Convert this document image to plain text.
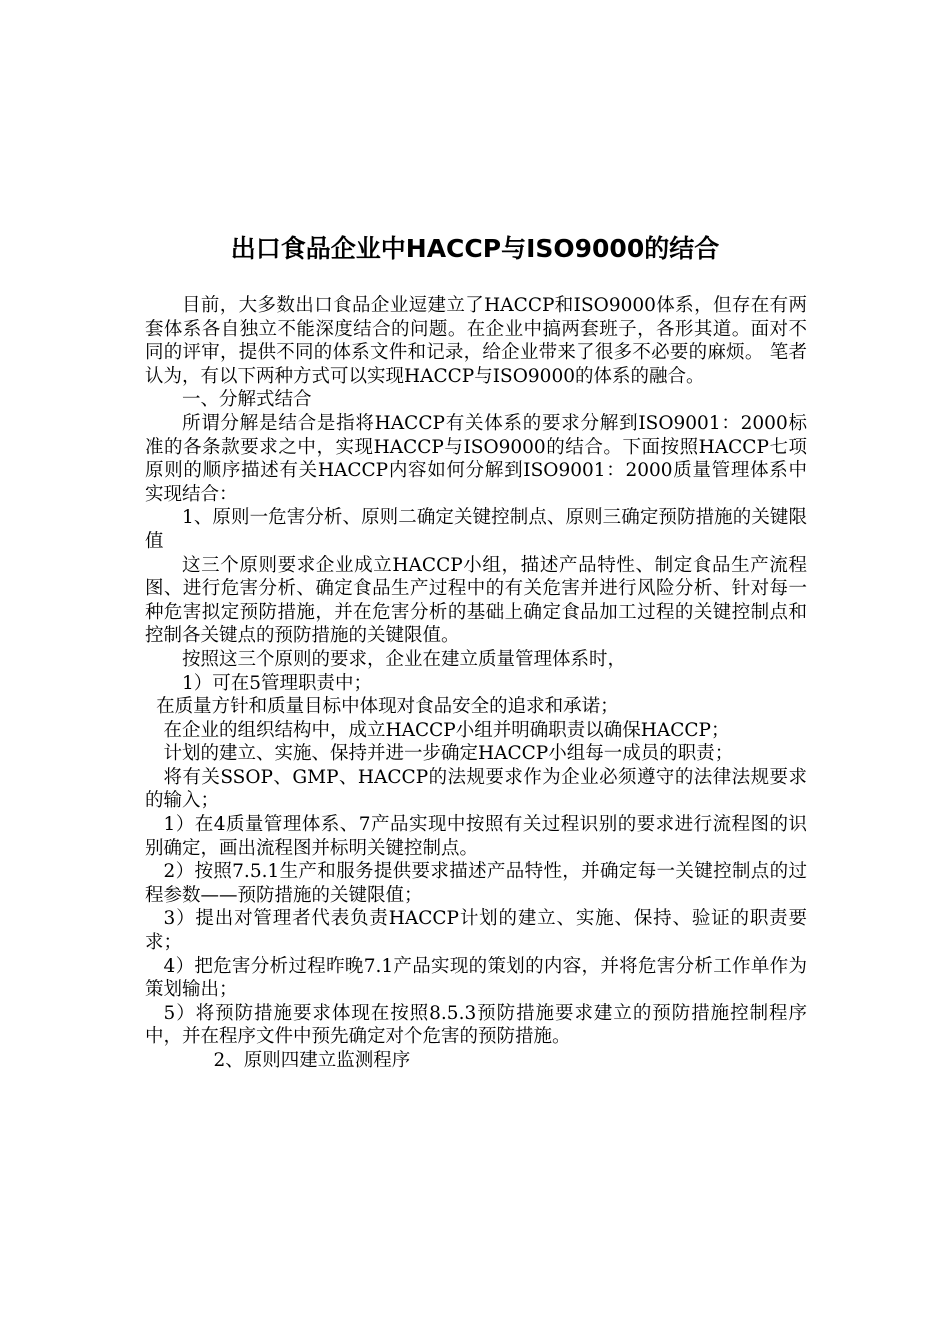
出口食品企业中HACCP与ISO9000的结合

目前，大多数出口食品企业逗建立了HACCP和ISO9000体系，但存在有两套体系各自独立不能深度结合的问题。在企业中搞两套班子，各形其道。面对不同的评审，提供不同的体系文件和记录，给企业带来了很多不必要的麻烦。 笔者认为，有以下两种方式可以实现HACCP与ISO9000的体系的融合。

一、分解式结合

所谓分解是结合是指将HACCP有关体系的要求分解到ISO9001：2000标准的各条款要求之中，实现HACCP与ISO9000的结合。下面按照HACCP七项原则的顺序描述有关HACCP内容如何分解到ISO9001：2000质量管理体系中实现结合：

1、原则一危害分析、原则二确定关键控制点、原则三确定预防措施的关键限值

这三个原则要求企业成立HACCP小组，描述产品特性、制定食品生产流程图、进行危害分析、确定食品生产过程中的有关危害并进行风险分析、针对每一种危害拟定预防措施，并在危害分析的基础上确定食品加工过程的关键控制点和控制各关键点的预防措施的关键限值。

按照这三个原则的要求，企业在建立质量管理体系时，

1）可在5管理职责中；

在质量方针和质量目标中体现对食品安全的追求和承诺；

在企业的组织结构中，成立HACCP小组并明确职责以确保HACCP；

计划的建立、实施、保持并进一步确定HACCP小组每一成员的职责；

将有关SSOP、GMP、HACCP的法规要求作为企业必须遵守的法律法规要求的输入；

1）在4质量管理体系、7产品实现中按照有关过程识别的要求进行流程图的识别确定，画出流程图并标明关键控制点。

2）按照7.5.1生产和服务提供要求描述产品特性，并确定每一关键控制点的过程参数——预防措施的关键限值；

3）提出对管理者代表负责HACCP计划的建立、实施、保持、验证的职责要求；

4）把危害分析过程昨晚7.1产品实现的策划的内容，并将危害分析工作单作为策划输出；

5）将预防措施要求体现在按照8.5.3预防措施要求建立的预防措施控制程序中，并在程序文件中预先确定对个危害的预防措施。

2、原则四建立监测程序
